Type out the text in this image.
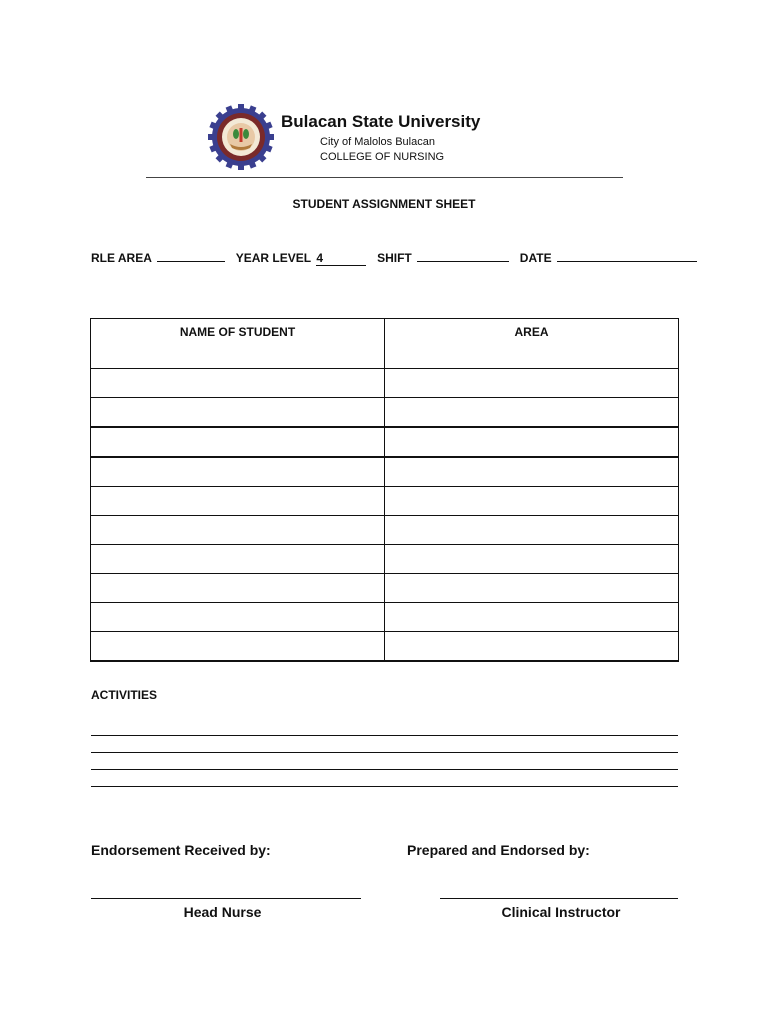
Bulacan State University
City of Malolos Bulacan
COLLEGE OF NURSING
STUDENT ASSIGNMENT SHEET
RLE AREA	YEAR LEVEL 4	SHIFT	DATE
NAME OF STUDENT	AREA

ACTIVITIES
Endorsement Received by:	Prepared and Endorsed by:
Head Nurse	Clinical Instructor
